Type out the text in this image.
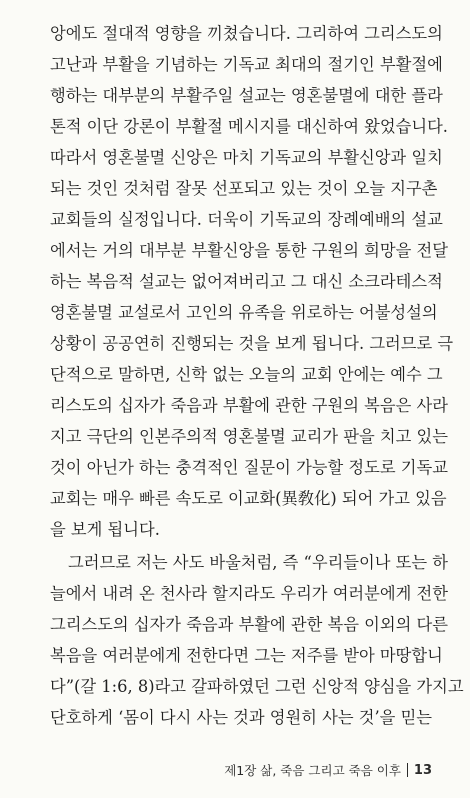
앙에도 절대적 영향을 끼쳤습니다. 그리하여 그리스도의
고난과 부활을 기념하는 기독교 최대의 절기인 부활절에
행하는 대부분의 부활주일 설교는 영혼불멸에 대한 플라
톤적 이단 강론이 부활절 메시지를 대신하여 왔었습니다.
따라서 영혼불멸 신앙은 마치 기독교의 부활신앙과 일치
되는 것인 것처럼 잘못 선포되고 있는 것이 오늘 지구촌
교회들의 실정입니다. 더욱이 기독교의 장례예배의 설교
에서는 거의 대부분 부활신앙을 통한 구원의 희망을 전달
하는 복음적 설교는 없어져버리고 그 대신 소크라테스적
영혼불멸 교설로서 고인의 유족을 위로하는 어불성설의
상황이 공공연히 진행되는 것을 보게 됩니다. 그러므로 극
단적으로 말하면, 신학 없는 오늘의 교회 안에는 예수 그
리스도의 십자가 죽음과 부활에 관한 구원의 복음은 사라
지고 극단의 인본주의적 영혼불멸 교리가 판을 치고 있는
것이 아닌가 하는 충격적인 질문이 가능할 정도로 기독교
교회는 매우 빠른 속도로 이교화(異敎化) 되어 가고 있음
을 보게 됩니다.

그러므로 저는 사도 바울처럼, 즉 “우리들이나 또는 하
늘에서 내려 온 천사라 할지라도 우리가 여러분에게 전한
그리스도의 십자가 죽음과 부활에 관한 복음 이외의 다른
복음을 여러분에게 전한다면 그는 저주를 받아 마땅합니
다”(갈 1:6, 8)라고 갈파하였던 그런 신앙적 양심을 가지고
단호하게 ‘몸이 다시 사는 것과 영원히 사는 것’을 믿는

제1장 삶, 죽음 그리고 죽음 이후 13
